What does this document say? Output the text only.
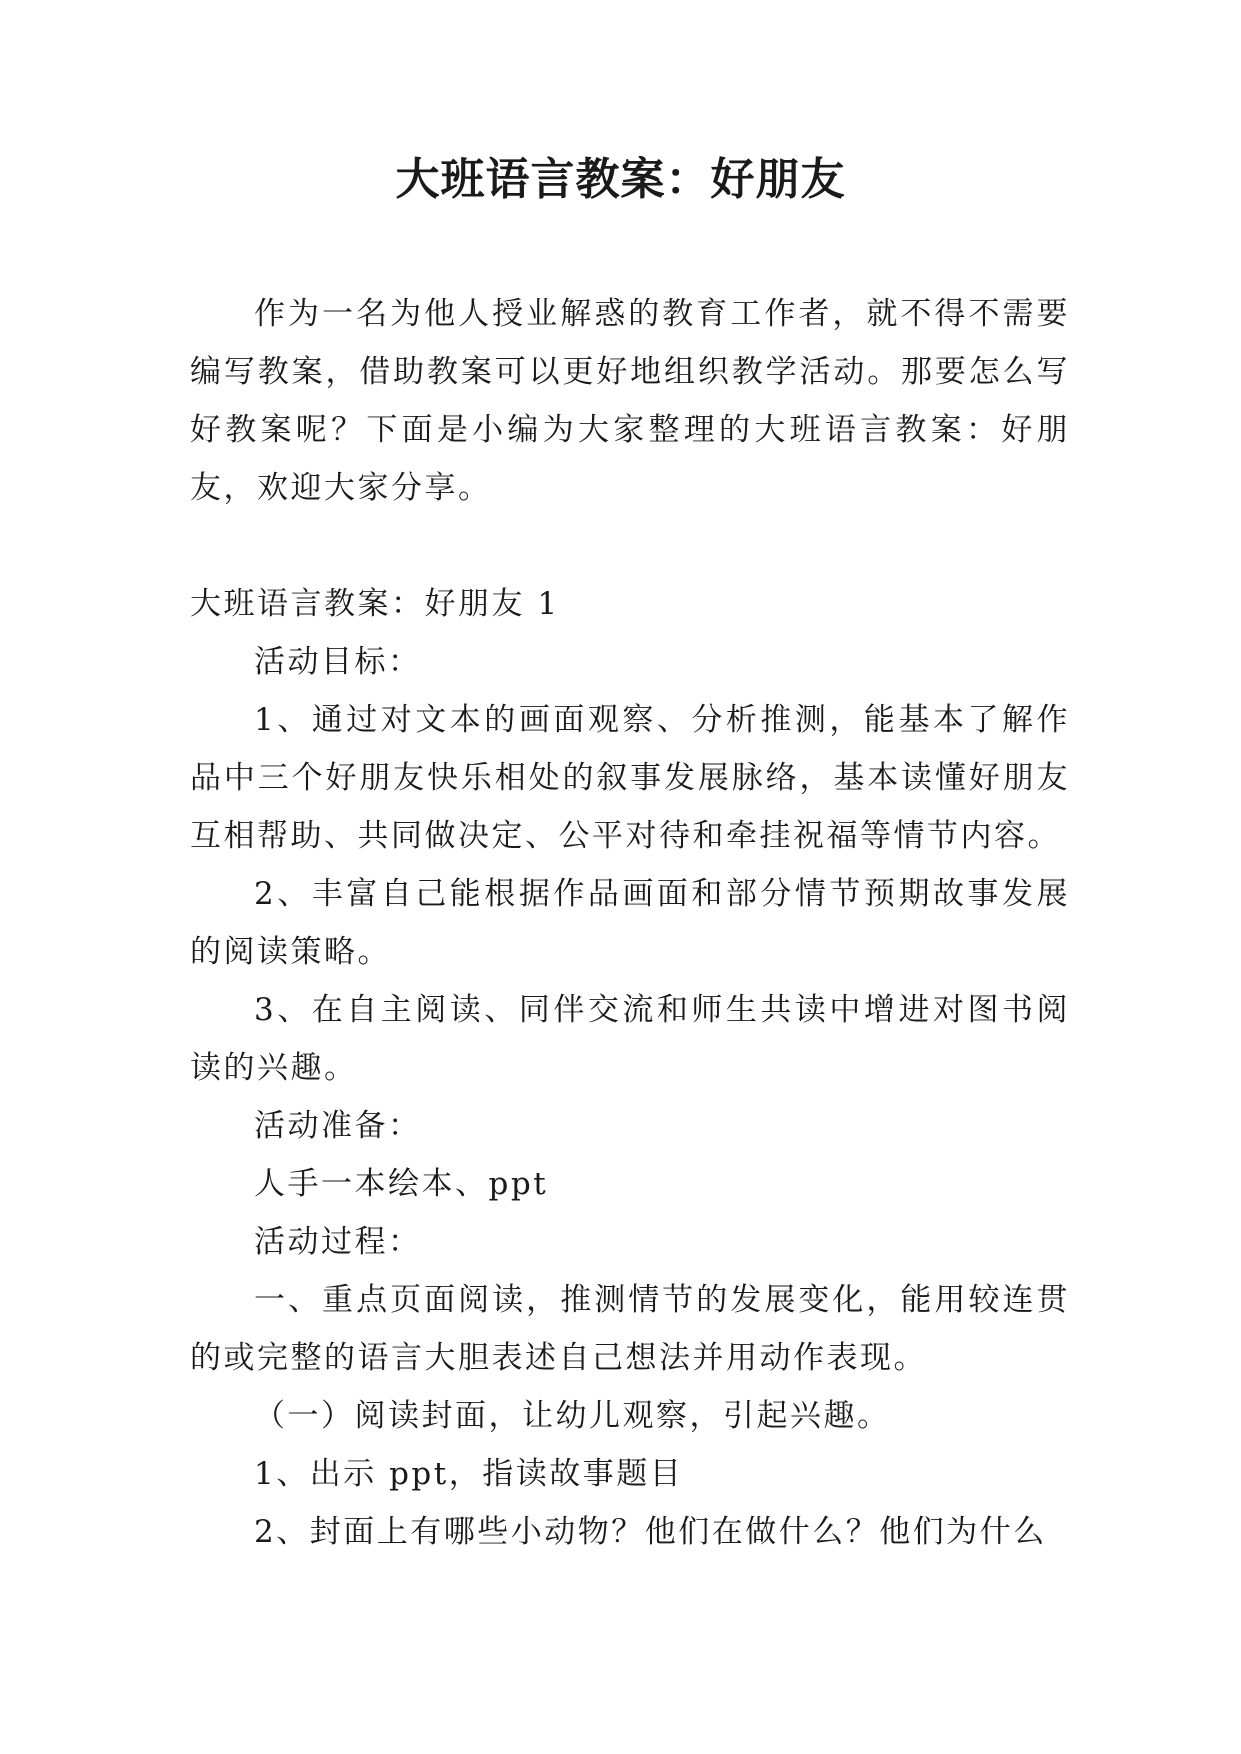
大班语言教案：好朋友

作为一名为他人授业解惑的教育工作者，就不得不需要编写教案，借助教案可以更好地组织教学活动。那要怎么写好教案呢？下面是小编为大家整理的大班语言教案：好朋友，欢迎大家分享。

大班语言教案：好朋友 1

活动目标：

1、通过对文本的画面观察、分析推测，能基本了解作品中三个好朋友快乐相处的叙事发展脉络，基本读懂好朋友互相帮助、共同做决定、公平对待和牵挂祝福等情节内容。

2、丰富自己能根据作品画面和部分情节预期故事发展的阅读策略。

3、在自主阅读、同伴交流和师生共读中增进对图书阅读的兴趣。

活动准备：

人手一本绘本、ppt

活动过程：

一、重点页面阅读，推测情节的发展变化，能用较连贯的或完整的语言大胆表述自己想法并用动作表现。

（一）阅读封面，让幼儿观察，引起兴趣。

1、出示 ppt，指读故事题目

2、封面上有哪些小动物？他们在做什么？他们为什么
